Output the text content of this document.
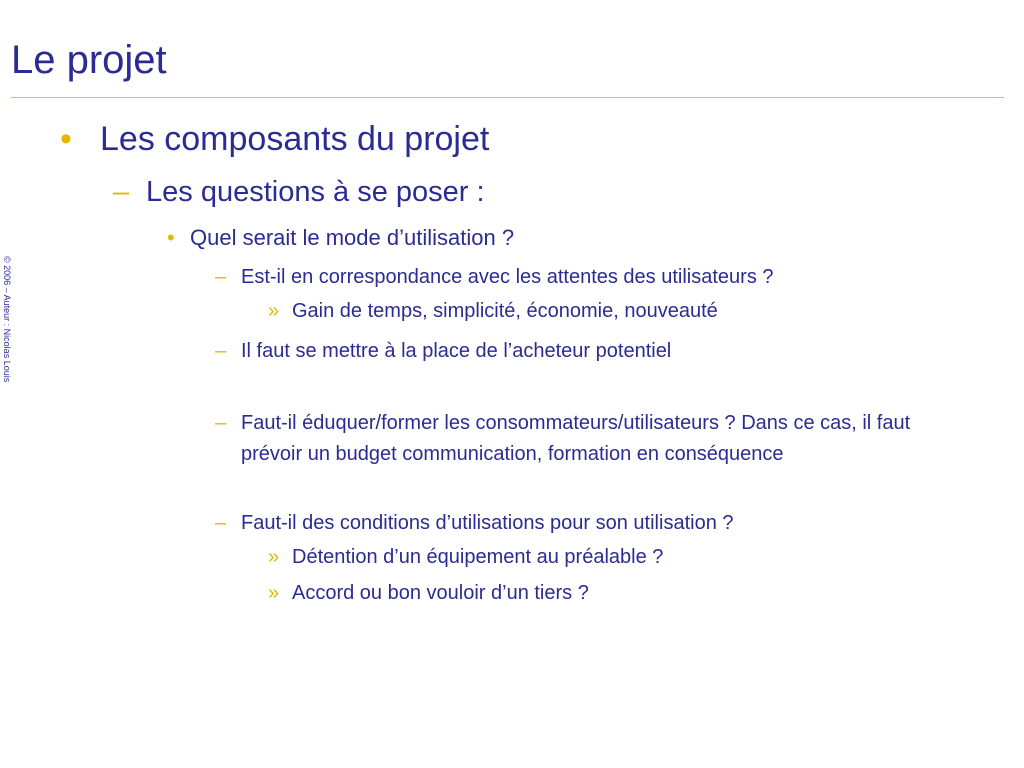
Le projet
© 2006 – Auteur : Nicolas Louis
• Les composants du projet
– Les questions à se poser :
• Quel serait le mode d’utilisation ?
– Est-il en correspondance avec les attentes des utilisateurs ?
» Gain de temps, simplicité, économie, nouveauté
– Il faut se mettre à la place de l’acheteur potentiel
– Faut-il éduquer/former les consommateurs/utilisateurs ? Dans ce cas, il faut prévoir un budget communication, formation en conséquence
– Faut-il des conditions d’utilisations pour son utilisation ?
» Détention d’un équipement au préalable ?
» Accord ou bon vouloir d’un tiers ?
